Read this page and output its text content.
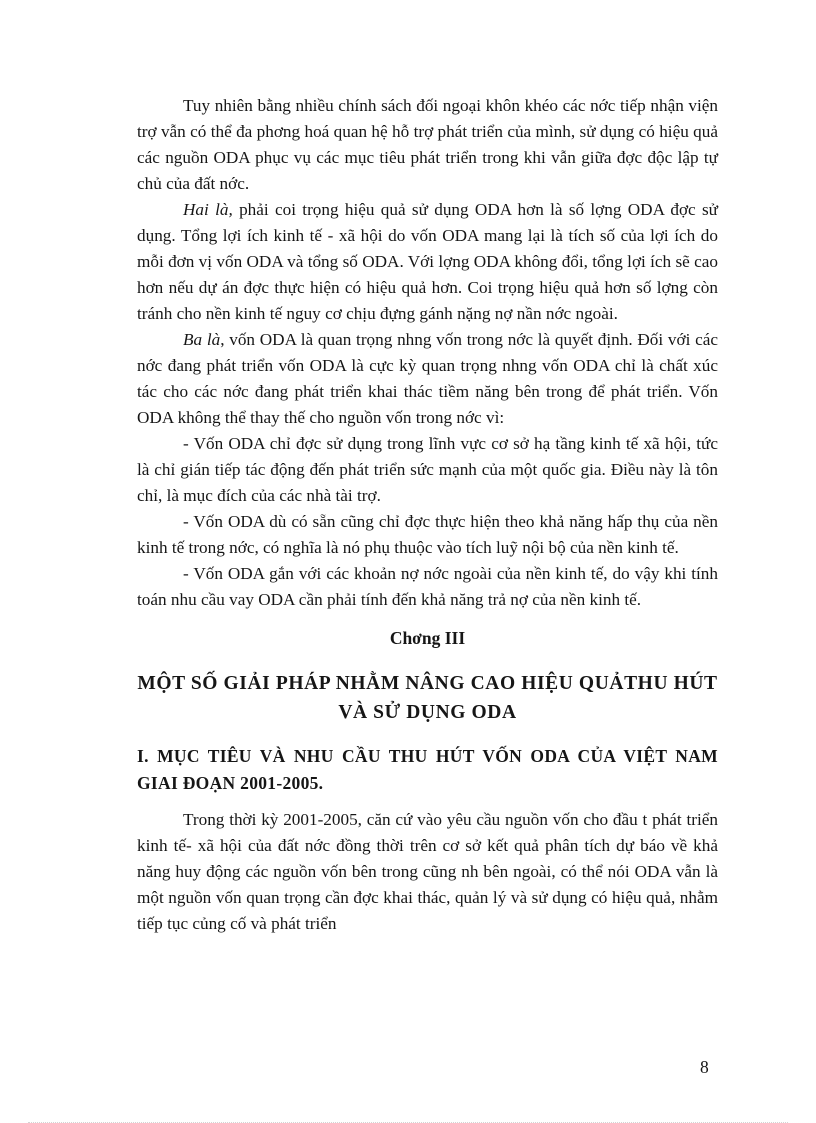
Tuy nhiên bằng nhiều chính sách đối ngoại khôn khéo các nớc tiếp nhận viện trợ vẫn có thể đa phơng hoá quan hệ hỗ trợ phát triển của mình, sử dụng có hiệu quả các nguồn ODA phục vụ các mục tiêu phát triển trong khi vẫn giữa đợc độc lập tự chủ của đất nớc.

Hai là, phải coi trọng hiệu quả sử dụng ODA hơn là số lợng ODA đợc sử dụng. Tổng lợi ích kinh tế - xã hội do vốn ODA mang lại là tích số của lợi ích do mỗi đơn vị vốn ODA và tổng số ODA. Với lợng ODA không đổi, tổng lợi ích sẽ cao hơn nếu dự án đợc thực hiện có hiệu quả hơn. Coi trọng hiệu quả hơn số lợng còn tránh cho nền kinh tế nguy cơ chịu đựng gánh nặng nợ nần nớc ngoài.

Ba là, vốn ODA là quan trọng nhng vốn trong nớc là quyết định. Đối với các nớc đang phát triển vốn ODA là cực kỳ quan trọng nhng vốn ODA chỉ là chất xúc tác cho các nớc đang phát triển khai thác tiềm năng bên trong để phát triển. Vốn ODA không thể thay thế cho nguồn vốn trong nớc vì:

- Vốn ODA chỉ đợc sử dụng trong lĩnh vực cơ sở hạ tầng kinh tế xã hội, tức là chỉ gián tiếp tác động đến phát triển sức mạnh của một quốc gia. Điều này là tôn chỉ, là mục đích của các nhà tài trợ.

- Vốn ODA dù có sẵn cũng chỉ đợc thực hiện theo khả năng hấp thụ của nền kinh tế trong nớc, có nghĩa là nó phụ thuộc vào tích luỹ nội bộ của nền kinh tế.

- Vốn ODA gắn với các khoản nợ nớc ngoài của nền kinh tế, do vậy khi tính toán nhu cầu vay ODA cần phải tính đến khả năng trả nợ của nền kinh tế.

Chơng III
MỘT SỐ GIẢI PHÁP NHẰM NÂNG CAO HIỆU QUẢTHU HÚT VÀ SỬ DỤNG ODA
I. MỤC TIÊU VÀ NHU CẦU THU HÚT VỐN ODA CỦA VIỆT NAM GIAI ĐOẠN 2001-2005.

Trong thời kỳ 2001-2005, căn cứ vào yêu cầu nguồn vốn cho đầu t phát triển kinh tế- xã hội của đất nớc đồng thời trên cơ sở kết quả phân tích dự báo về khả năng huy động các nguồn vốn bên trong cũng nh bên ngoài, có thể nói ODA vẫn là một nguồn vốn quan trọng cần đợc khai thác, quản lý và sử dụng có hiệu quả, nhằm tiếp tục củng cố và phát triển

8
